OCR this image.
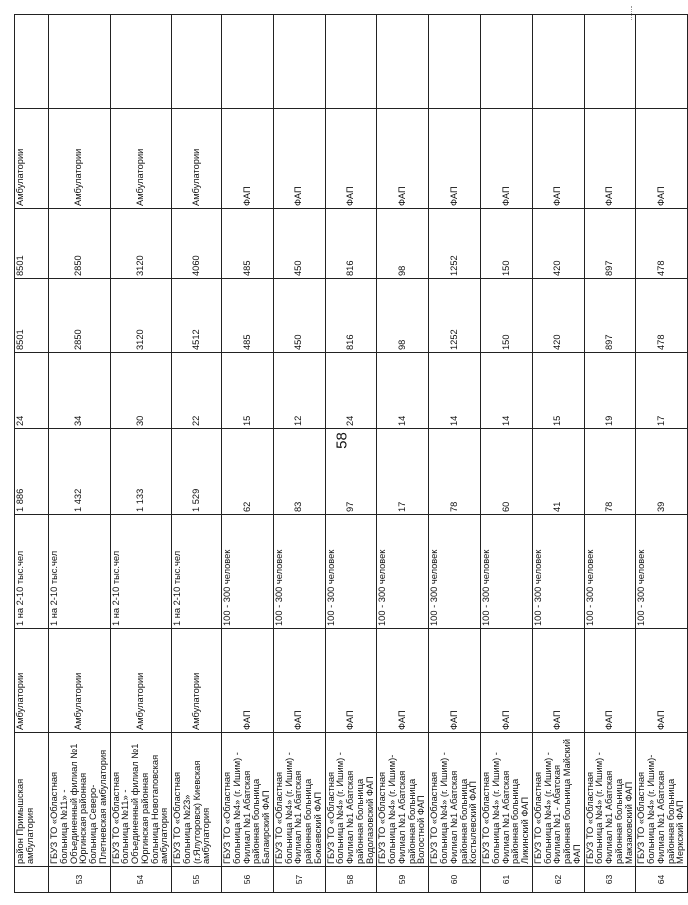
58
	район Примышская амбулатория	Амбулатории	1 на 2-10 тыс.чел	1 886	24	8501	8501	Амбулатории	
53	ГБУЗ ТО «Областная больница №11» - Объединенный филиал №1 Юргинская районная больница Северо-Плетневская амбулатория	Амбулатории	1 на 2-10 тыс.чел	1 432	34	2850	2850	Амбулатории	
54	ГБУЗ ТО «Областная больница №11» - Объединенный филиал №1 Юргинская районная больница Новотаповская амбулатория	Амбулатории	1 на 2-10 тыс.чел	1 133	30	3120	3120	Амбулатории	
55	ГБУЗ ТО «Областная больница №23» (г.Ялуторовск) Киевская амбулатория	Амбулатории	1 на 2-10 тыс.чел	1 529	22	4512	4060	Амбулатории	
56	ГБУЗ ТО «Областная больница №4» (г. Ишим) - Филиал №1 Абатская районная больница Балаирский ФАП	ФАП	100 - 300 человек	62	15	485	485	ФАП	
57	ГБУЗ ТО «Областная больница №4» (г. Ишим) - Филиал №1 Абатская районная больница Бокаевский ФАП	ФАП	100 - 300 человек	83	12	450	450	ФАП	
58	ГБУЗ ТО «Областная больница №4» (г. Ишим) - Филиал №1 Абатская районная больница Водолазовский ФАП	ФАП	100 - 300 человек	97	24	816	816	ФАП	
59	ГБУЗ ТО «Областная больница №4» (г. Ишим)- Филиал №1 Абатская районная больница Волостной ФАП	ФАП	100 - 300 человек	17	14	98	98	ФАП	
60	ГБУЗ ТО «Областная больница №4» (г. Ишим) - Филиал №1 Абатская районная больница Костылевский ФАП	ФАП	100 - 300 человек	78	14	1252	1252	ФАП	
61	ГБУЗ ТО «Областная больница №4» (г. Ишим) - Филиал №1 Абатская районная больница Ликинский ФАП	ФАП	100 - 300 человек	60	14	150	150	ФАП	
62	ГБУЗ ТО «Областная больница №4» (г. Ишим) - Филиал №1 - Абатская районная больница Майский ФАП	ФАП	100 - 300 человек	41	15	420	420	ФАП	
63	ГБУЗ ТО «Областная больница №4» (г. Ишим) - Филиал №1 Абатская районная больница Макзаковский ФАП	ФАП	100 - 300 человек	78	19	897	897	ФАП	
64	ГБУЗ ТО «Областная больница №4» (г. Ишим)- Филиал №1 Абатская районная больница Меркский ФАП	ФАП	100 - 300 человек	39	17	478	478	ФАП	
